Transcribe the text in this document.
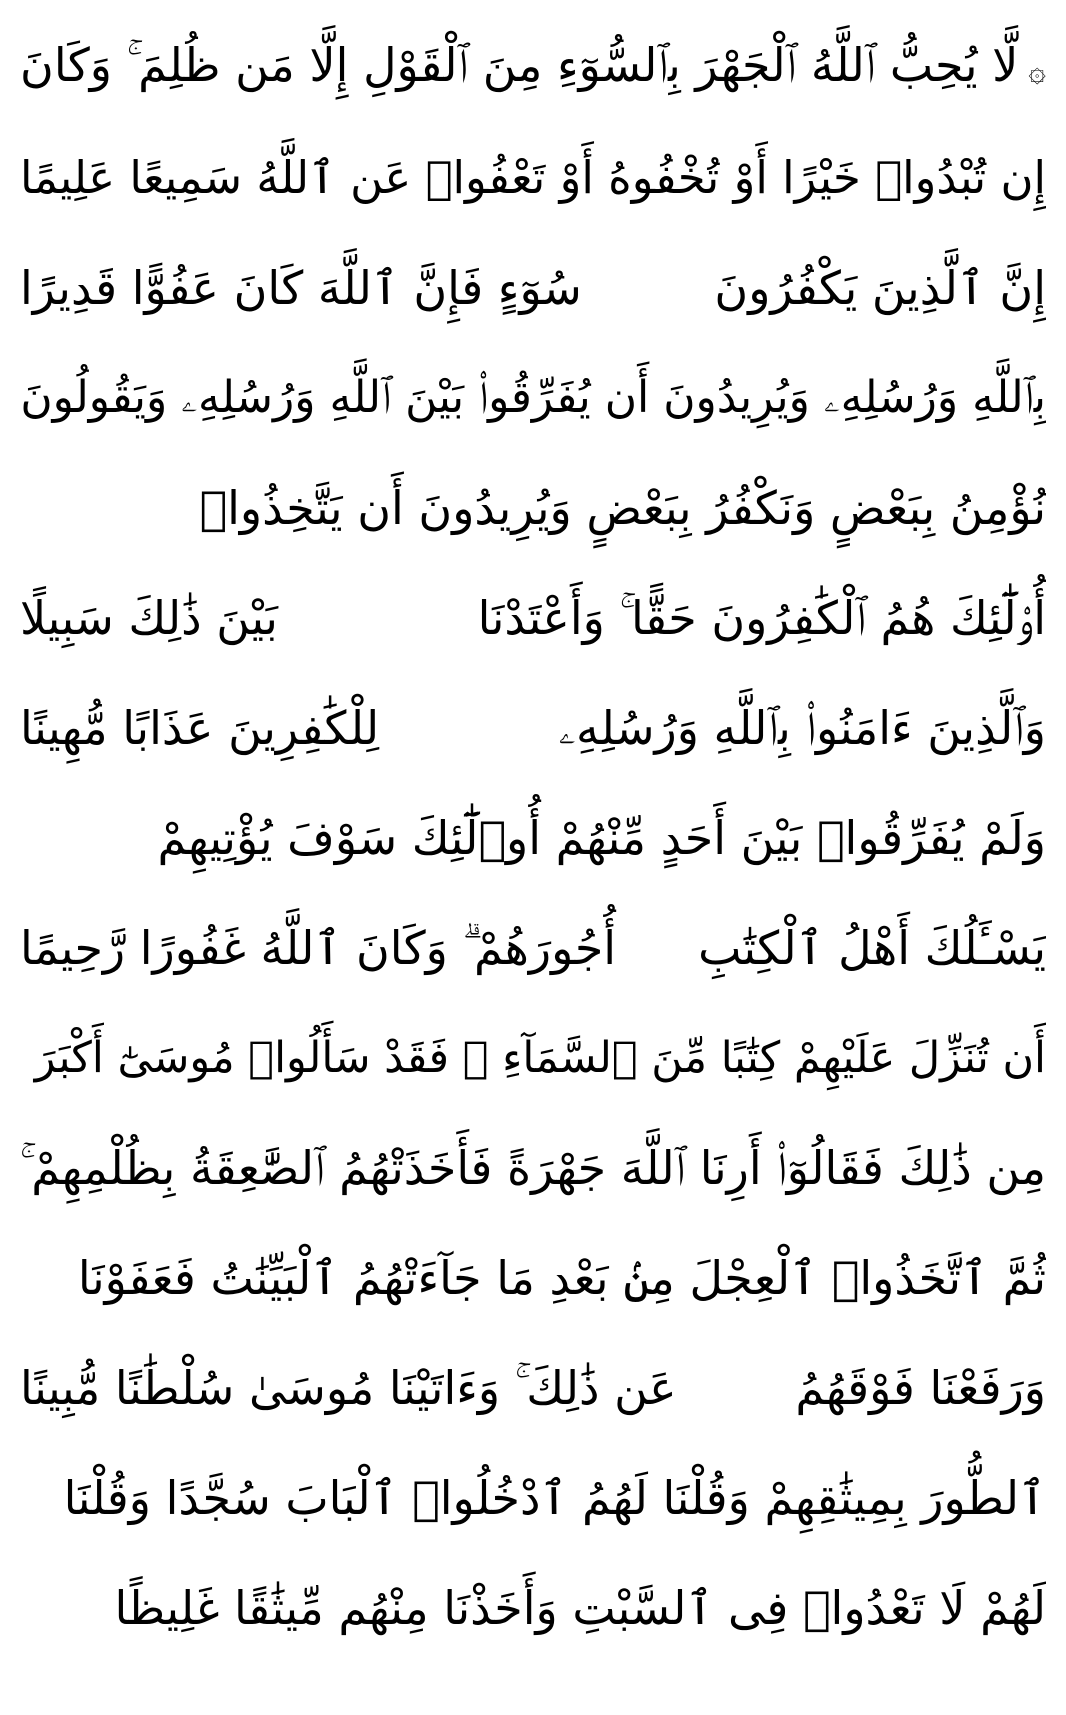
۞لَّا يُحِبُّ ٱللَّهُ ٱلْجَهْرَ بِٱلسُّوٓءِ مِنَ ٱلْقَوْلِ إِلَّا مَن ظُلِمَ ۚ وَكَانَ
إِن تُبْدُوا۟ خَيْرًا أَوْ تُخْفُوهُ أَوْ تَعْفُوا۟ عَن
ٱللَّهُ سَمِيعًا عَلِيمًا
إِنَّ ٱلَّذِينَ يَكْفُرُونَ
سُوٓءٍ فَإِنَّ ٱللَّهَ كَانَ عَفُوًّا قَدِيرًا
بِٱللَّهِ وَرُسُلِهِۦ وَيُرِيدُونَ أَن يُفَرِّقُوا۟ بَيْنَ ٱللَّهِ وَرُسُلِهِۦ وَيَقُولُونَ
نُؤْمِنُ بِبَعْضٍ وَنَكْفُرُ بِبَعْضٍ وَيُرِيدُونَ أَن يَتَّخِذُوا۟
أُو۟لَٰٓئِكَ هُمُ ٱلْكَٰفِرُونَ حَقًّا ۚ وَأَعْتَدْنَا
بَيْنَ ذَٰلِكَ سَبِيلًا
وَٱلَّذِينَ ءَامَنُوا۟ بِٱللَّهِ وَرُسُلِهِۦ
لِلْكَٰفِرِينَ عَذَابًا مُّهِينًا
وَلَمْ يُفَرِّقُوا۟ بَيْنَ أَحَدٍ مِّنْهُمْ أُو۟لَٰٓئِكَ سَوْفَ يُؤْتِيهِمْ
يَسْـَٔلُكَ أَهْلُ ٱلْكِتَٰبِ
أُجُورَهُمْ ۗ وَكَانَ ٱللَّهُ غَفُورًا رَّحِيمًا
أَن تُنَزِّلَ عَلَيْهِمْ كِتَٰبًا مِّنَ ٱلسَّمَآءِ ۚ فَقَدْ سَأَلُوا۟ مُوسَىٰٓ أَكْبَرَ
مِن ذَٰلِكَ فَقَالُوٓا۟ أَرِنَا ٱللَّهَ جَهْرَةً فَأَخَذَتْهُمُ ٱلصَّٰعِقَةُ بِظُلْمِهِمْ ۚ
ثُمَّ ٱتَّخَذُوا۟ ٱلْعِجْلَ مِنۢ بَعْدِ مَا جَآءَتْهُمُ ٱلْبَيِّنَٰتُ فَعَفَوْنَا
وَرَفَعْنَا فَوْقَهُمُ
عَن ذَٰلِكَ ۚ وَءَاتَيْنَا مُوسَىٰ سُلْطَٰنًا مُّبِينًا
ٱلطُّورَ بِمِيثَٰقِهِمْ وَقُلْنَا لَهُمُ ٱدْخُلُوا۟ ٱلْبَابَ سُجَّدًا وَقُلْنَا
لَهُمْ لَا تَعْدُوا۟ فِى ٱلسَّبْتِ وَأَخَذْنَا مِنْهُم مِّيثَٰقًا غَلِيظًا
